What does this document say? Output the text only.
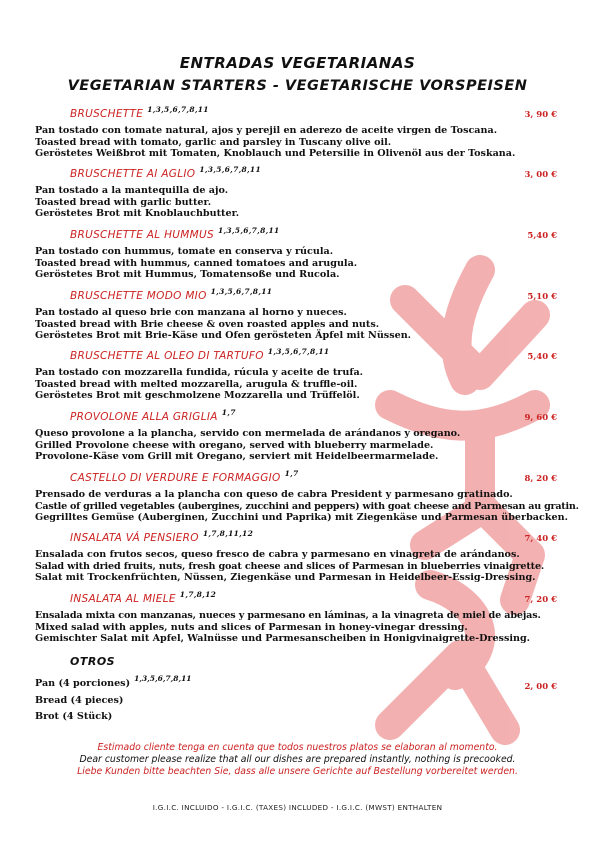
ENTRADAS VEGETARIANAS
VEGETARIAN STARTERS - VEGETARISCHE VORSPEISEN
BRUSCHETTE $^{1,3,5,6,7,8,11}$
3, 90 €
Pan tostado con tomate natural, ajos y perejil en aderezo de aceite virgen de Toscana.
Toasted bread with tomato, garlic and parsley in Tuscany olive oil.
Geröstetes Weißbrot mit Tomaten, Knoblauch und Petersilie in Olivenöl aus der Toskana.
BRUSCHETTE AI AGLIO $^{1,3,5,6,7,8,11}$
3, 00 €
Pan tostado a la mantequilla de ajo.
Toasted bread with garlic butter.
Geröstetes Brot mit Knoblauchbutter.
BRUSCHETTE AL HUMMUS $^{1,3,5,6,7,8,11}$
5,40 €
Pan tostado con hummus, tomate en conserva y rúcula.
Toasted bread with hummus, canned tomatoes and arugula.
Geröstetes Brot mit Hummus, Tomatensoße und Rucola.
BRUSCHETTE MODO MIO $^{1,3,5,6,7,8,11}$
5,10 €
Pan tostado al queso brie con manzana al horno y nueces.
Toasted bread with Brie cheese & oven roasted apples and nuts.
Geröstetes Brot mit Brie-Käse und Ofen gerösteten Äpfel mit Nüssen.
BRUSCHETTE AL OLEO DI TARTUFO $^{1,3,5,6,7,8,11}$
5,40 €
Pan tostado con mozzarella fundida, rúcula y aceite de trufa.
Toasted bread with melted mozzarella, arugula & truffle-oil.
Geröstetes Brot mit geschmolzene Mozzarella und Trüffelöl.
PROVOLONE ALLA GRIGLIA $^{1,7}$
9, 60 €
Queso provolone a la plancha, servido con mermelada de arándanos y oregano.
Grilled Provolone cheese with oregano, served with blueberry marmelade.
Provolone-Käse vom Grill mit Oregano, serviert mit Heidelbeermarmelade.
CASTELLO DI VERDURE E FORMAGGIO $^{1,7}$
8, 20 €
Prensado de verduras a la plancha con queso de cabra President y parmesano gratinado.
Castle of grilled vegetables (aubergines, zucchini and peppers) with goat cheese and Parmesan au gratin.
Gegrilltes Gemüse (Auberginen, Zucchini und Paprika) mit Ziegenkäse und Parmesan überbacken.
INSALATA VÁ PENSIERO $^{1,7,8,11,12}$
7, 40 €
Ensalada con frutos secos, queso fresco de cabra y parmesano en vinagreta de arándanos.
Salad with dried fruits, nuts, fresh goat cheese and slices of Parmesan in blueberries vinaigrette.
Salat mit Trockenfrüchten, Nüssen, Ziegenkäse und Parmesan in Heidelbeer-Essig-Dressing.
INSALATA AL MIELE $^{1,7,8,12}$
7, 20 €
Ensalada mixta con manzanas, nueces y parmesano en láminas, a la vinagreta de miel de abejas.
Mixed salad with apples, nuts and slices of Parmesan in honey-vinegar dressing.
Gemischter Salat mit Apfel, Walnüsse und Parmesanscheiben in Honigvinaigrette-Dressing.
OTROS
Pan (4 porciones) $^{1,3,5,6,7,8,11}$
Bread (4 pieces)
Brot (4 Stück)
2, 00 €
Estimado cliente tenga en cuenta que todos nuestros platos se elaboran al momento.
Dear customer please realize that all our dishes are prepared instantly, nothing is precooked.
Liebe Kunden bitte beachten Sie, dass alle unsere Gerichte auf Bestellung vorbereitet werden.
I.G.I.C. INCLUIDO - I.G.I.C. (TAXES) INCLUDED - I.G.I.C. (MWST) ENTHALTEN
